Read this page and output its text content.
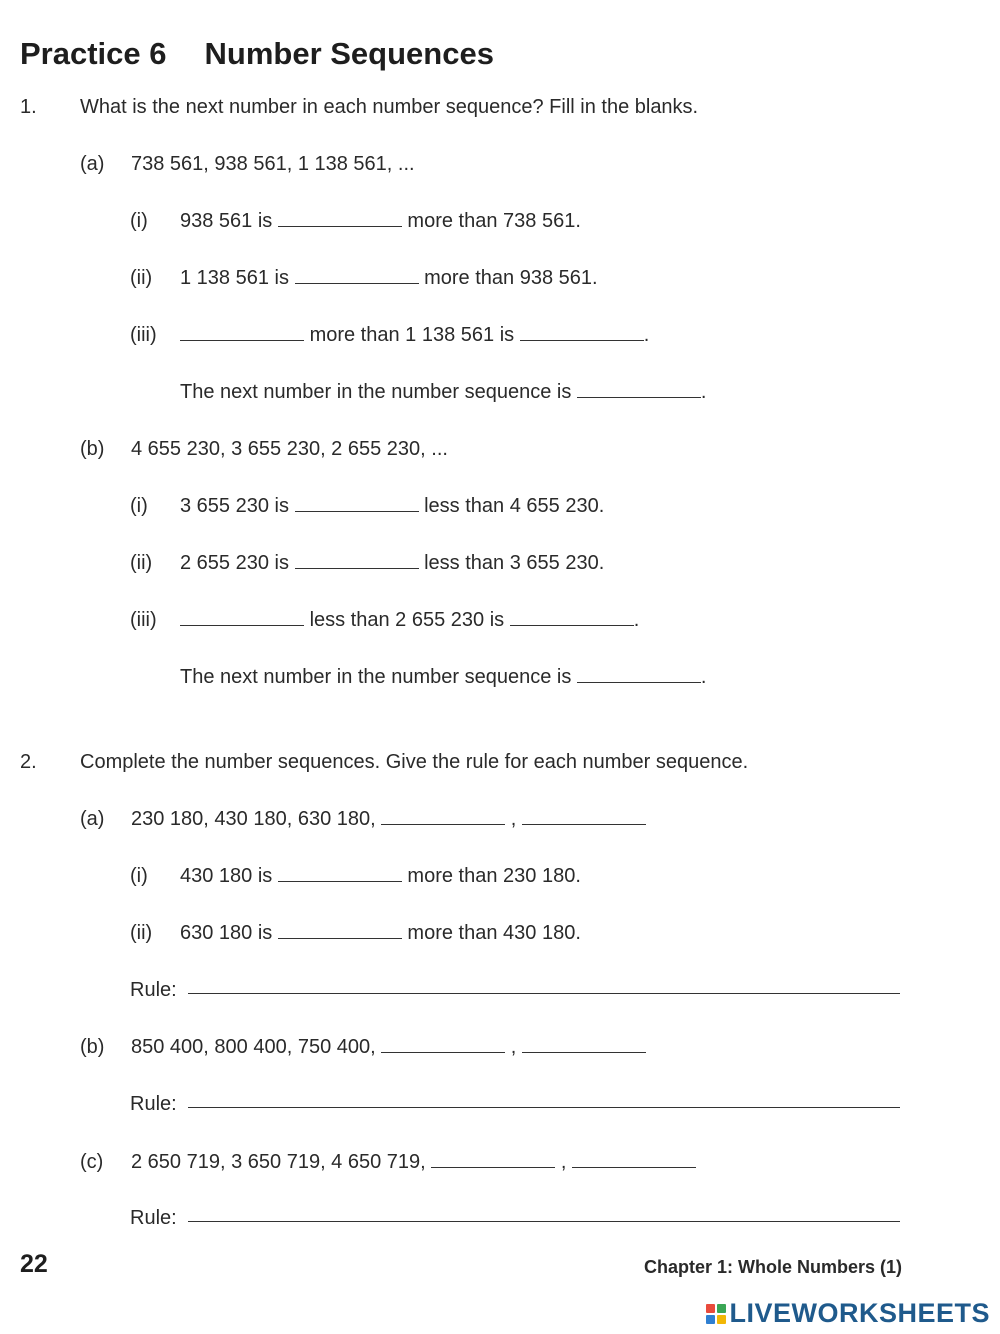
Practice 6 Number Sequences
1. What is the next number in each number sequence? Fill in the blanks.
(a) 738 561, 938 561, 1 138 561, ...
(i) 938 561 is	more than 738 561.
(ii) 1 138 561 is	more than 938 561.
(iii)	more than 1 138 561 is	.
The next number in the number sequence is	.
(b) 4 655 230, 3 655 230, 2 655 230, ...
(i) 3 655 230 is	less than 4 655 230.
(ii) 2 655 230 is	less than 3 655 230.
(iii)	less than 2 655 230 is	.
The next number in the number sequence is	.
2. Complete the number sequences. Give the rule for each number sequence.
(a) 230 180, 430 180, 630 180,	,
(i) 430 180 is	more than 230 180.
(ii) 630 180 is	more than 430 180.
Rule:
(b) 850 400, 800 400, 750 400,	,
Rule:
(c) 2 650 719, 3 650 719, 4 650 719,	,
Rule:
22	Chapter 1: Whole Numbers (1)
LIVEWORKSHEETS
